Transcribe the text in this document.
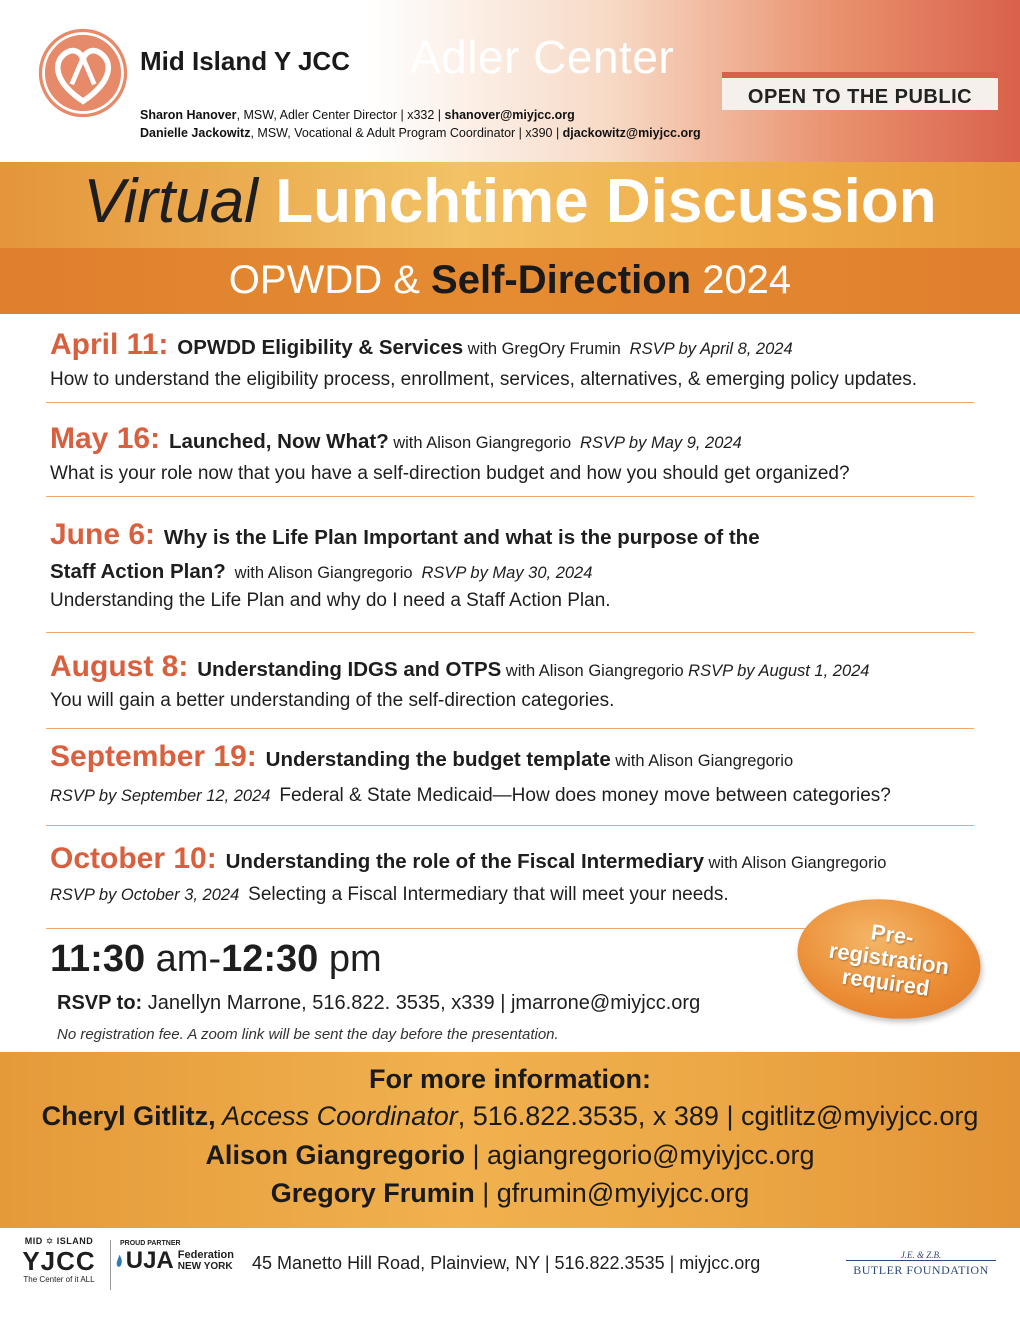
Mid Island Y JCC Adler Center
OPEN TO THE PUBLIC
Sharon Hanover, MSW, Adler Center Director | x332 | shanover@miyjcc.org
Danielle Jackowitz, MSW, Vocational & Adult Program Coordinator | x390 | djackowitz@miyjcc.org
Virtual Lunchtime Discussion
OPWDD & Self-Direction 2024
April 11: OPWDD Eligibility & Services with GregOry Frumin RSVP by April 8, 2024
How to understand the eligibility process, enrollment, services, alternatives, & emerging policy updates.
May 16: Launched, Now What? with Alison Giangregorio RSVP by May 9, 2024
What is your role now that you have a self-direction budget and how you should get organized?
June 6: Why is the Life Plan Important and what is the purpose of the
Staff Action Plan? with Alison Giangregorio RSVP by May 30, 2024
Understanding the Life Plan and why do I need a Staff Action Plan.
August 8: Understanding IDGS and OTPS with Alison Giangregorio RSVP by August 1, 2024
You will gain a better understanding of the self-direction categories.
September 19: Understanding the budget template with Alison Giangregorio
RSVP by September 12, 2024 Federal & State Medicaid—How does money move between categories?
October 10: Understanding the role of the Fiscal Intermediary with Alison Giangregorio
RSVP by October 3, 2024 Selecting a Fiscal Intermediary that will meet your needs.
11:30 am-12:30 pm
RSVP to: Janellyn Marrone, 516.822. 3535, x339 | jmarrone@miyjcc.org
No registration fee. A zoom link will be sent the day before the presentation.
Pre-
registration
required
For more information:
Cheryl Gitlitz, Access Coordinator, 516.822.3535, x 389 | cgitlitz@myiyjcc.org
Alison Giangregorio | agiangregorio@myiyjcc.org
Gregory Frumin | gfrumin@myiyjcc.org
MID ✡ ISLAND
YJCC
The Center of it ALL
PROUD PARTNER
UJA Federation
NEW YORK 45 Manetto Hill Road, Plainview, NY | 516.822.3535 | miyjcc.org	J.E. & Z.B.
BUTLER FOUNDATION
